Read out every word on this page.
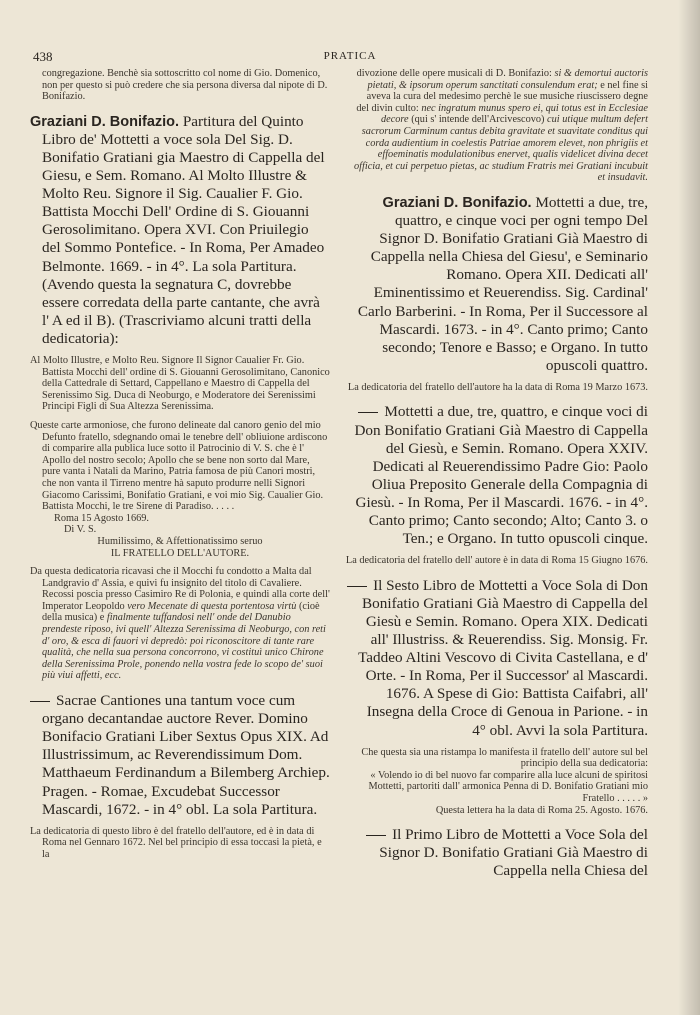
438	PRATICA

congregazione. Benchè sia sottoscritto col nome di Gio. Domenico, non per questo si può credere che sia persona diversa dal nipote di D. Bonifazio.

Graziani D. Bonifazio. Partitura del Quinto Libro de' Mottetti a voce sola Del Sig. D. Bonifatio Gratiani gia Maestro di Cappella del Giesu, e Sem. Romano. Al Molto Illustre & Molto Reu. Signore il Sig. Caualier F. Gio. Battista Mocchi Dell' Ordine di S. Giouanni Gerosolimitano. Opera XVI. Con Priuilegio del Sommo Pontefice. - In Roma, Per Amadeo Belmonte. 1669. - in 4°. La sola Partitura. (Avendo questa la segnatura C, dovrebbe essere corredata della parte cantante, che avrà l' A ed il B). (Trascriviamo alcuni tratti della dedicatoria):

Al Molto Illustre, e Molto Reu. Signore Il Signor Caualier Fr. Gio. Battista Mocchi dell' ordine di S. Giouanni Gerosolimitano, Canonico della Cattedrale di Settard, Cappellano e Maestro di Cappella del Serenissimo Sig. Duca di Neoburgo, e Moderatore dei Serenissimi Principi Figli di Sua Altezza Serenissima.

Queste carte armoniose, che furono delineate dal canoro genio del mio Defunto fratello, sdegnando omai le tenebre dell' obliuione ardiscono di comparire alla publica luce sotto il Patrocinio di V. S. che è l' Apollo del nostro secolo; Apollo che se bene non sorto dal Mare, pure vanta i Natali da Marino, Patria famosa de più Canori mostri, che non vanta il Tirreno mentre hà saputo produrre nelli Signori Giacomo Carissimi, Bonifatio Gratiani, e voi mio Sig. Caualier Gio. Battista Mocchi, le tre Sirene di Paradiso. . . . .

Roma 15 Agosto 1669.

Di V. S.

Humilissimo, & Affettionatissimo seruo

IL FRATELLO DELL'AUTORE.

Da questa dedicatoria ricavasi che il Mocchi fu condotto a Malta dal Landgravio d' Assia, e quivi fu insignito del titolo di Cavaliere. Recossi poscia presso Casimiro Re di Polonia, e quindi alla corte dell' Imperator Leopoldo vero Mecenate di questa portentosa virtù (cioè della musica) e finalmente tuffandosi nell' onde del Danubio prendeste riposo, ivi quell' Altezza Serenissima di Neoburgo, con reti d' oro, & esca di fauori vi depredò: poi riconoscitore di tante rare qualità, che nella sua persona concorrono, vi costituì unico Chirone della Serenissima Prole, ponendo nella vostra fede lo scopo de' suoi più viui affetti, ecc.

Sacrae Cantiones una tantum voce cum organo decantandae auctore Rever. Domino Bonifacio Gratiani Liber Sextus Opus XIX. Ad Illustrissimum, ac Reverendissimum Dom. Matthaeum Ferdinandum a Bilemberg Archiep. Pragen. - Romae, Excudebat Successor Mascardi, 1672. - in 4° obl. La sola Partitura.

La dedicatoria di questo libro è del fratello dell'autore, ed è in data di Roma nel Gennaro 1672. Nel bel principio di essa toccasi la pietà, e la

divozione delle opere musicali di D. Bonifazio: si & demortui auctoris pietati, & ipsorum operum sanctitati consulendum erat; e nel fine si aveva la cura del medesimo perchè le sue musiche riuscissero degne del divin culto: nec ingratum munus spero ei, qui totus est in Ecclesiae decore (qui s' intende dell'Arcivescovo) cui utique multum defert sacrorum Carminum cantus debita gravitate et suavitate conditus qui corda audientium in coelestis Patriae amorem elevet, non phrigiis et effoeminatis modulationibus enervet, qualis videlicet divina decet officia, et cui perpetuo pietas, ac studium Fratris mei Gratiani incubuit et insudavit.

Graziani D. Bonifazio. Mottetti a due, tre, quattro, e cinque voci per ogni tempo Del Signor D. Bonifatio Gratiani Già Maestro di Cappella nella Chiesa del Giesu', e Seminario Romano. Opera XII. Dedicati all' Eminentissimo et Reuerendiss. Sig. Cardinal' Carlo Barberini. - In Roma, Per il Successore al Mascardi. 1673. - in 4°. Canto primo; Canto secondo; Tenore e Basso; e Organo. In tutto opuscoli quattro.

La dedicatoria del fratello dell'autore ha la data di Roma 19 Marzo 1673.

Mottetti a due, tre, quattro, e cinque voci di Don Bonifatio Gratiani Già Maestro di Cappella del Giesù, e Semin. Romano. Opera XXIV. Dedicati al Reuerendissimo Padre Gio: Paolo Oliua Preposito Generale della Compagnia di Giesù. - In Roma, Per il Mascardi. 1676. - in 4°. Canto primo; Canto secondo; Alto; Canto 3. o Ten.; e Organo. In tutto opuscoli cinque.

La dedicatoria del fratello dell' autore è in data di Roma 15 Giugno 1676.

Il Sesto Libro de Mottetti a Voce Sola di Don Bonifatio Gratiani Già Maestro di Cappella del Giesù e Semin. Romano. Opera XIX. Dedicati all' Illustriss. & Reuerendiss. Sig. Monsig. Fr. Taddeo Altini Vescovo di Civita Castellana, e d' Orte. - In Roma, Per il Successor' al Mascardi. 1676. A Spese di Gio: Battista Caifabri, all' Insegna della Croce di Genoua in Parione. - in 4° obl. Avvi la sola Partitura.

Che questa sia una ristampa lo manifesta il fratello dell' autore sul bel principio della sua dedicatoria:

« Volendo io di bel nuovo far comparire alla luce alcuni de spiritosi Mottetti, partoriti dall' armonica Penna di D. Bonifatio Gratiani mio Fratello . . . . . »

Questa lettera ha la data di Roma 25. Agosto. 1676.

Il Primo Libro de Mottetti a Voce Sola del Signor D. Bonifatio Gratiani Già Maestro di Cappella nella Chiesa del
